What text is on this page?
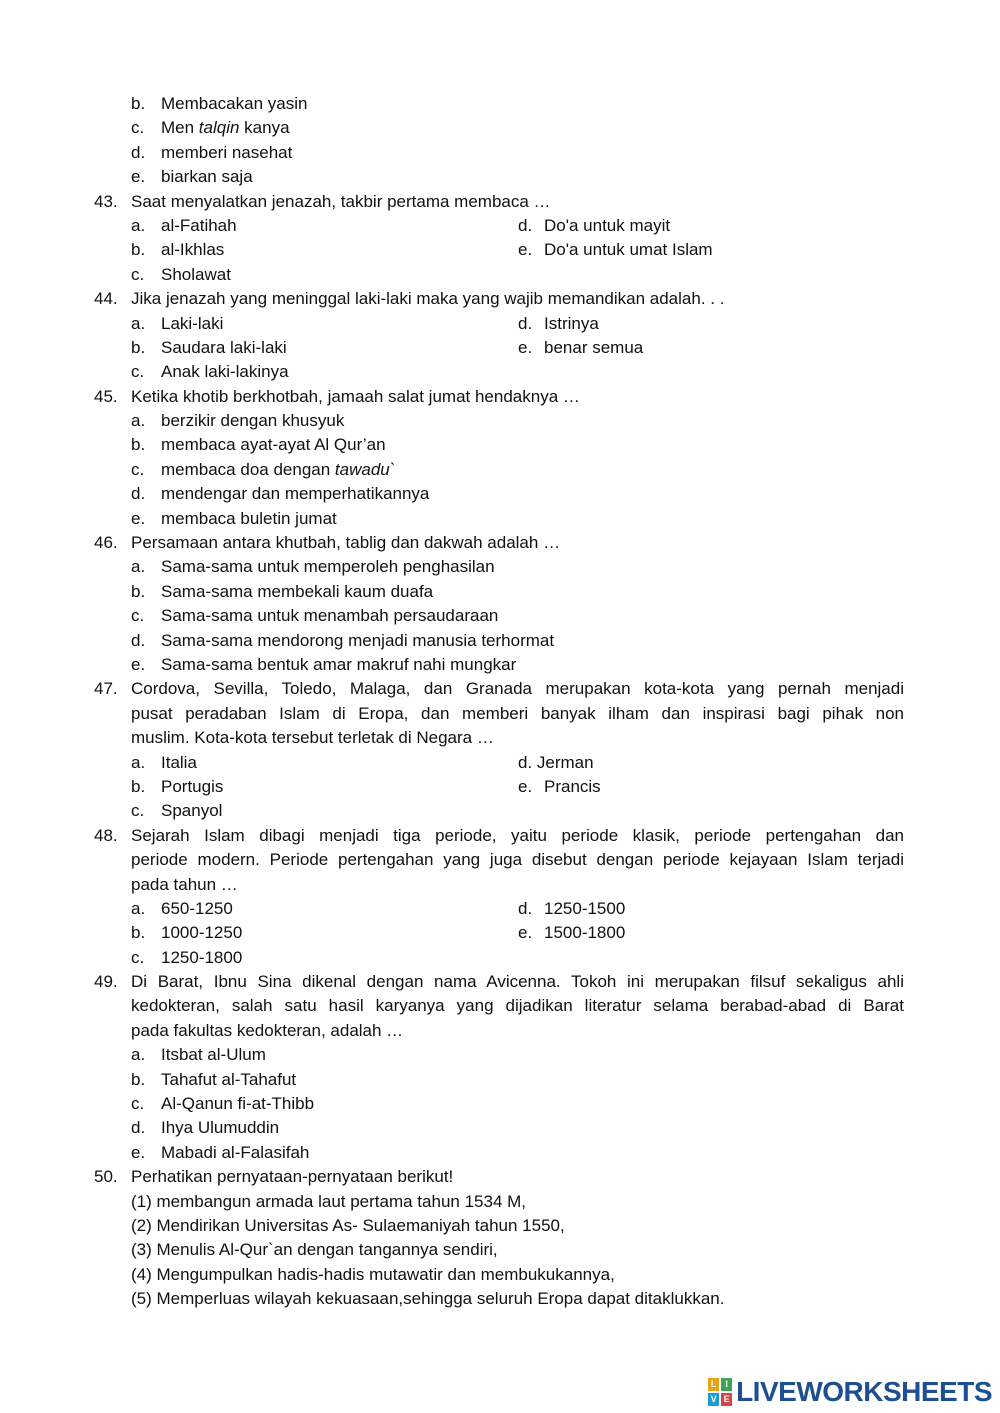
b. Membacakan yasin
c. Men talqin kanya
d. memberi nasehat
e. biarkan saja
43. Saat menyalatkan jenazah, takbir pertama membaca …
a. al-Fatihah	d. Do'a untuk mayit
b. al-Ikhlas	e. Do'a untuk umat Islam
c. Sholawat
44. Jika jenazah yang meninggal laki-laki maka yang wajib memandikan adalah. . .
a. Laki-laki	d. Istrinya
b. Saudara laki-laki	e. benar semua
c. Anak laki-lakinya
45. Ketika khotib berkhotbah, jamaah salat jumat hendaknya …
a. berzikir dengan khusyuk
b. membaca ayat-ayat Al Qur’an
c. membaca doa dengan tawadu`
d. mendengar dan memperhatikannya
e. membaca buletin jumat
46. Persamaan antara khutbah, tablig dan dakwah adalah …
a. Sama-sama untuk memperoleh penghasilan
b. Sama-sama membekali kaum duafa
c. Sama-sama untuk menambah persaudaraan
d. Sama-sama mendorong menjadi manusia terhormat
e. Sama-sama bentuk amar makruf nahi mungkar
47. Cordova, Sevilla, Toledo, Malaga, dan Granada merupakan kota-kota yang pernah menjadi
pusat peradaban Islam di Eropa, dan memberi banyak ilham dan inspirasi bagi pihak non
muslim. Kota-kota tersebut terletak di Negara …
a. Italia	d. Jerman
b. Portugis	e. Prancis
c. Spanyol
48. Sejarah Islam dibagi menjadi tiga periode, yaitu periode klasik, periode pertengahan dan
periode modern. Periode pertengahan yang juga disebut dengan periode kejayaan Islam terjadi
pada tahun …
a. 650-1250	d. 1250-1500
b. 1000-1250	e. 1500-1800
c. 1250-1800
49. Di Barat, Ibnu Sina dikenal dengan nama Avicenna. Tokoh ini merupakan filsuf sekaligus ahli
kedokteran, salah satu hasil karyanya yang dijadikan literatur selama berabad-abad di Barat
pada fakultas kedokteran, adalah …
a. Itsbat al-Ulum
b. Tahafut al-Tahafut
c. Al-Qanun fi-at-Thibb
d. Ihya Ulumuddin
e. Mabadi al-Falasifah
50. Perhatikan pernyataan-pernyataan berikut!
(1) membangun armada laut pertama tahun 1534 M,
(2) Mendirikan Universitas As- Sulaemaniyah tahun 1550,
(3) Menulis Al-Qur`an dengan tangannya sendiri,
(4) Mengumpulkan hadis-hadis mutawatir dan membukukannya,
(5) Memperluas wilayah kekuasaan,sehingga seluruh Eropa dapat ditaklukkan.
L I
V E LIVEWORKSHEETS
